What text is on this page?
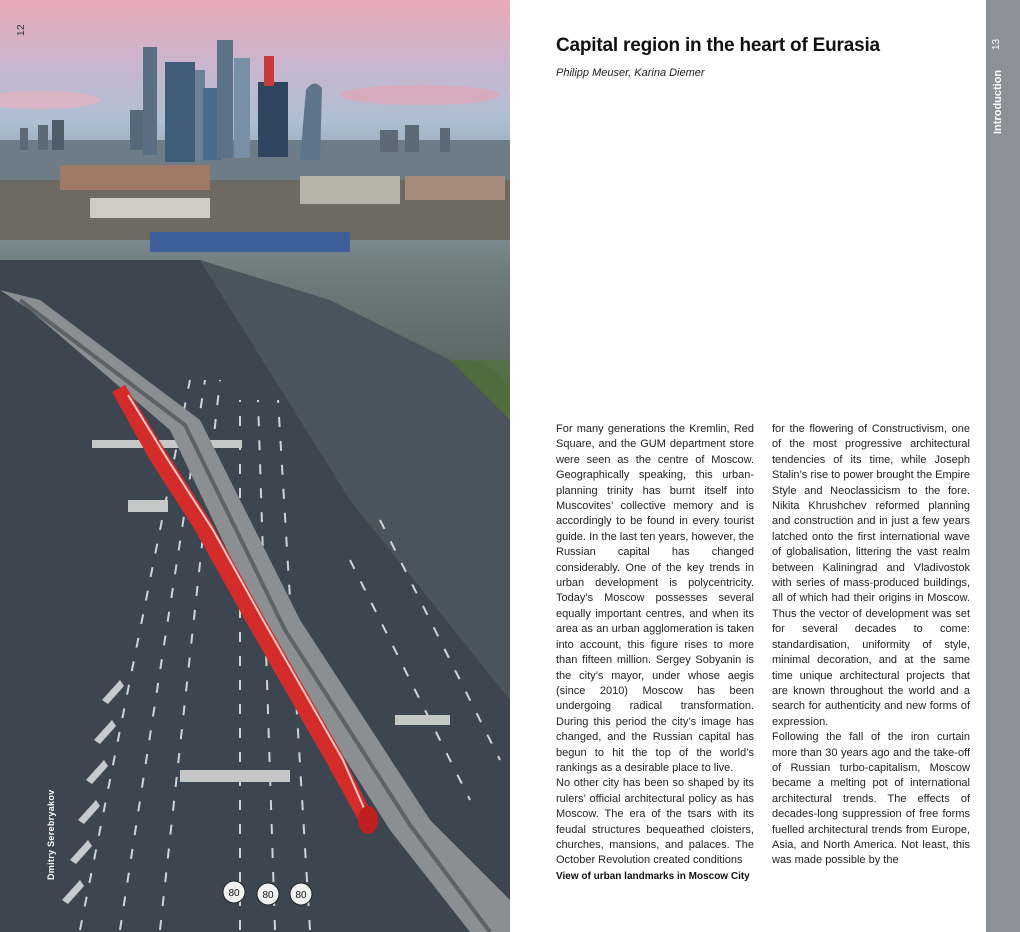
80 80 80
12
Dmitry Serebryakov
Capital region in the heart of Eurasia
Philipp Meuser, Karina Diemer

For many generations the Kremlin, Red Square, and the GUM department store were seen as the centre of Moscow. Geographically speaking, this urban-planning trinity has burnt itself into Muscovites’ collective memory and is accordingly to be found in every tourist guide. In the last ten years, however, the Russian capital has changed considerably. One of the key trends in urban development is polycentricity. Today’s Moscow possesses several equally important centres, and when its area as an urban agglomeration is taken into account, this figure rises to more than fifteen million. Sergey Sobyanin is the city’s mayor, under whose aegis (since 2010) Moscow has been undergoing radical transformation. During this period the city’s image has changed, and the Russian capital has begun to hit the top of the world’s rankings as a desirable place to live.

No other city has been so shaped by its rulers’ official architectural policy as has Moscow. The era of the tsars with its feudal structures bequeathed cloisters, churches, mansions, and palaces. The October Revolution created conditions

for the flowering of Constructivism, one of the most progressive architectural tendencies of its time, while Joseph Stalin’s rise to power brought the Empire Style and Neoclassicism to the fore. Nikita Khrushchev reformed planning and construction and in just a few years latched onto the first international wave of globalisation, littering the vast realm between Kaliningrad and Vladivostok with series of mass-produced buildings, all of which had their origins in Moscow. Thus the vector of development was set for several decades to come: standardisation, uniformity of style, minimal decoration, and at the same time unique architectural projects that are known throughout the world and a search for authenticity and new forms of expression.

Following the fall of the iron curtain more than 30 years ago and the take-off of Russian turbo-capitalism, Moscow became a melting pot of international architectural trends. The effects of decades-long suppression of free forms fuelled architectural trends from Europe, Asia, and North America. Not least, this was made possible by the

View of urban landmarks in Moscow City
13
Introduction
